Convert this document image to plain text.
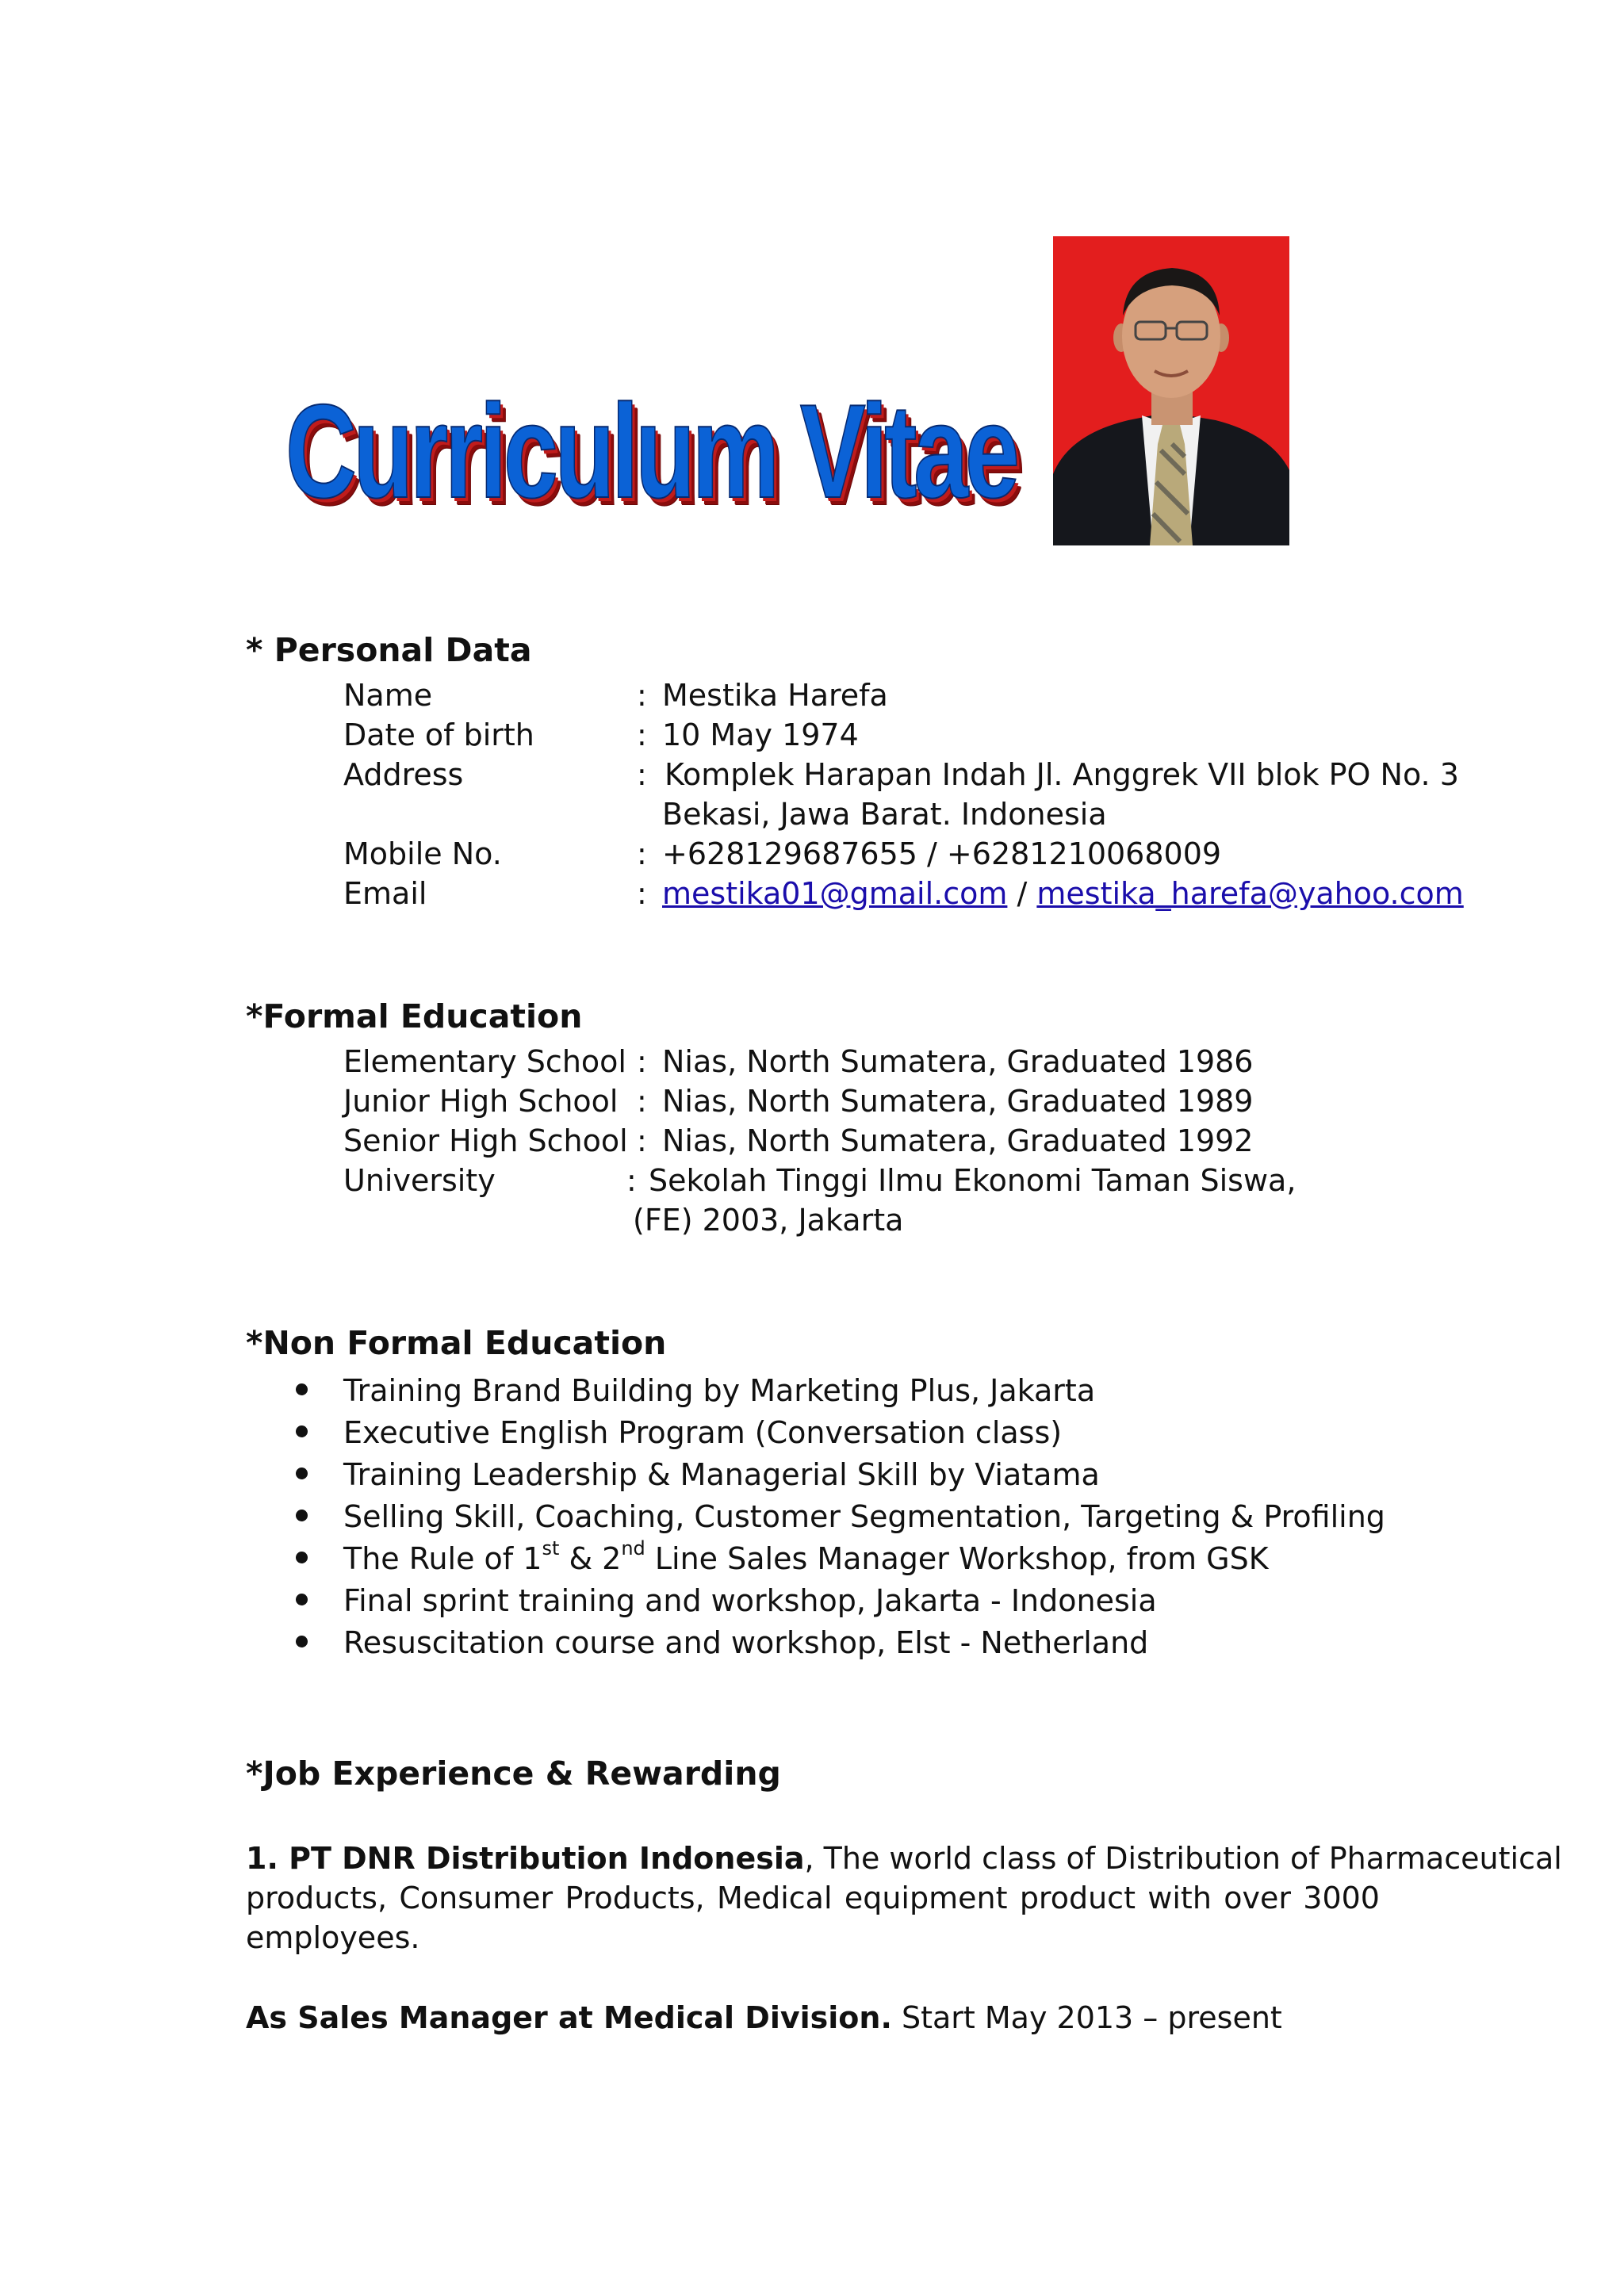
Curriculum Vitae
* Personal Data
Name	: Mestika Harefa
Date of birth	: 10 May 1974
Address	: Komplek Harapan Indah Jl. Anggrek VII blok PO No. 3
Bekasi, Jawa Barat. Indonesia
Mobile No.	: +628129687655 / +6281210068009
Email	: mestika01@gmail.com / mestika_harefa@yahoo.com
*Formal Education
Elementary School : Nias, North Sumatera, Graduated 1986
Junior High School : Nias, North Sumatera, Graduated 1989
Senior High School : Nias, North Sumatera, Graduated 1992
University	: Sekolah Tinggi Ilmu Ekonomi Taman Siswa,
(FE) 2003, Jakarta
*Non Formal Education
Training Brand Building by Marketing Plus, Jakarta
Executive English Program (Conversation class)
Training Leadership & Managerial Skill by Viatama
Selling Skill, Coaching, Customer Segmentation, Targeting & Profiling
The Rule of 1st & 2nd Line Sales Manager Workshop, from GSK
Final sprint training and workshop, Jakarta - Indonesia
Resuscitation course and workshop, Elst - Netherland
*Job Experience & Rewarding
1. PT DNR Distribution Indonesia, The world class of Distribution of Pharmaceutical
products, Consumer Products, Medical equipment product with over 3000
employees.
As Sales Manager at Medical Division. Start May 2013 – present
